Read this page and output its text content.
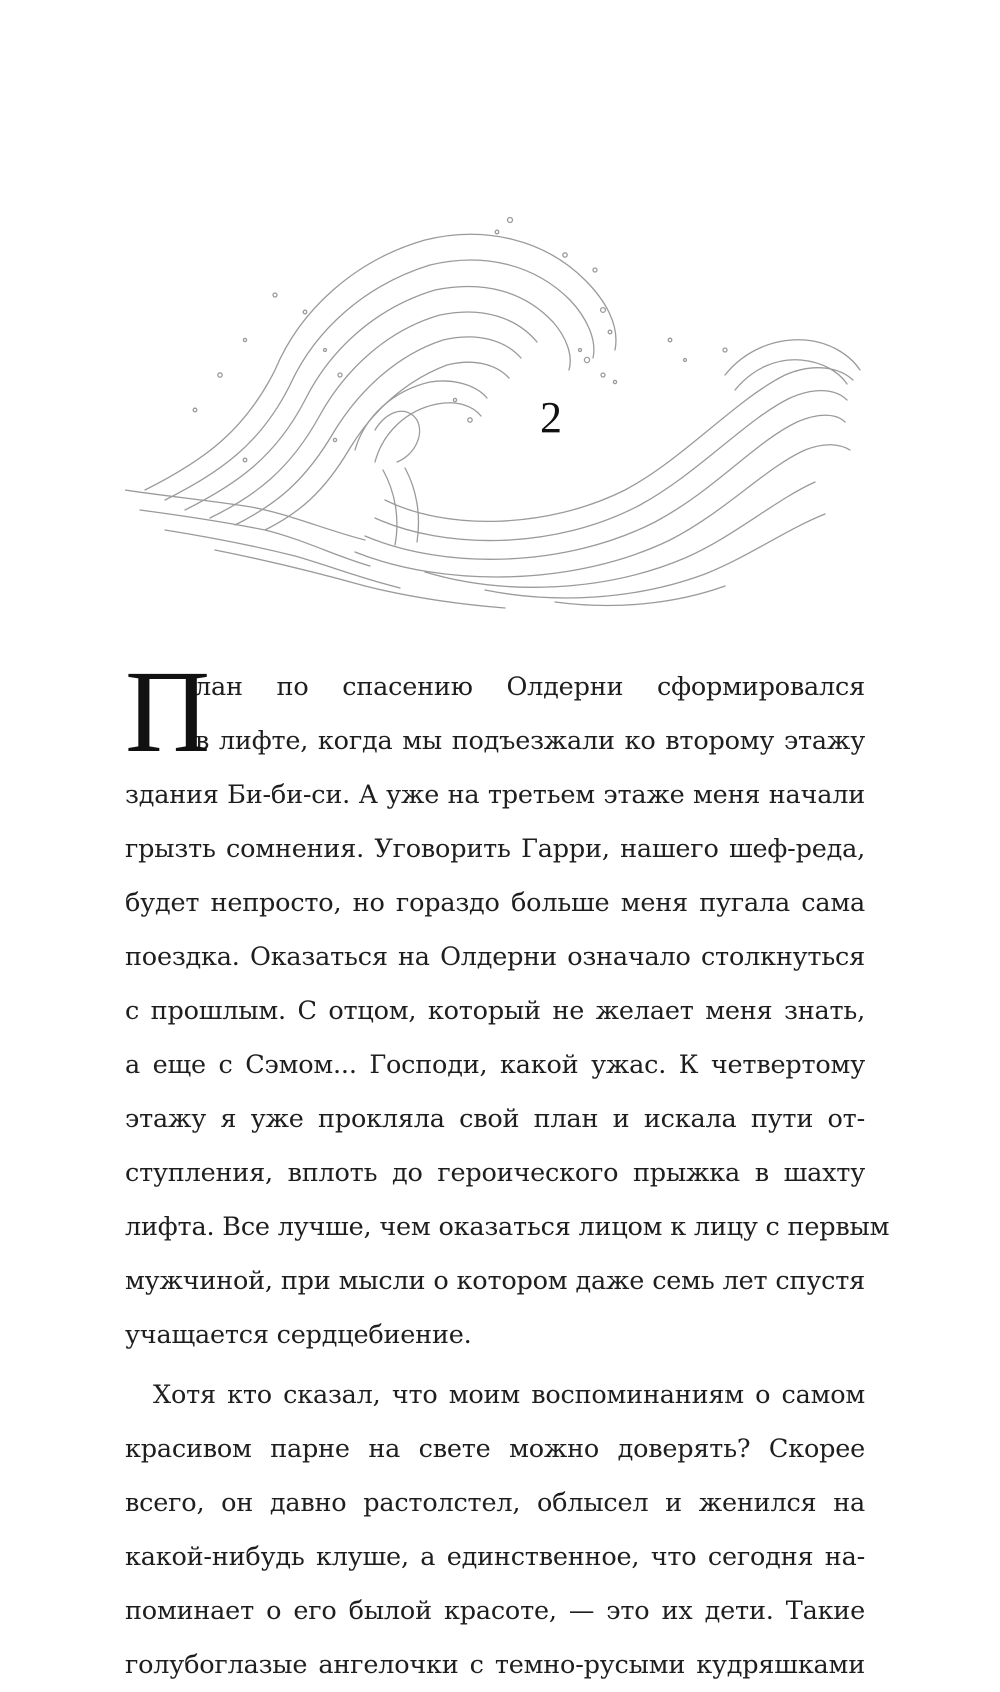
2
П
лан по спасению Олдерни сформировался
в лифте, когда мы подъезжали ко второму этажу
здания Би-би-си. А уже на третьем этаже меня начали
грызть сомнения. Уговорить Гарри, нашего шеф-реда,
будет непросто, но гораздо больше меня пугала сама
поездка. Оказаться на Олдерни означало столкнуться
с прошлым. С отцом, который не желает меня знать,
а еще с Сэмом... Господи, какой ужас. К четвертому
этажу я уже прокляла свой план и искала пути от-
ступления, вплоть до героического прыжка в шахту
лифта. Все лучше, чем оказаться лицом к лицу с первым
мужчиной, при мысли о котором даже семь лет спустя
учащается сердцебиение.
Хотя кто сказал, что моим воспоминаниям о самом
красивом парне на свете можно доверять? Скорее
всего, он давно растолстел, облысел и женился на
какой-нибудь клуше, а единственное, что сегодня на-
поминает о его былой красоте, — это их дети. Такие
голубоглазые ангелочки с темно-русыми кудряшками
